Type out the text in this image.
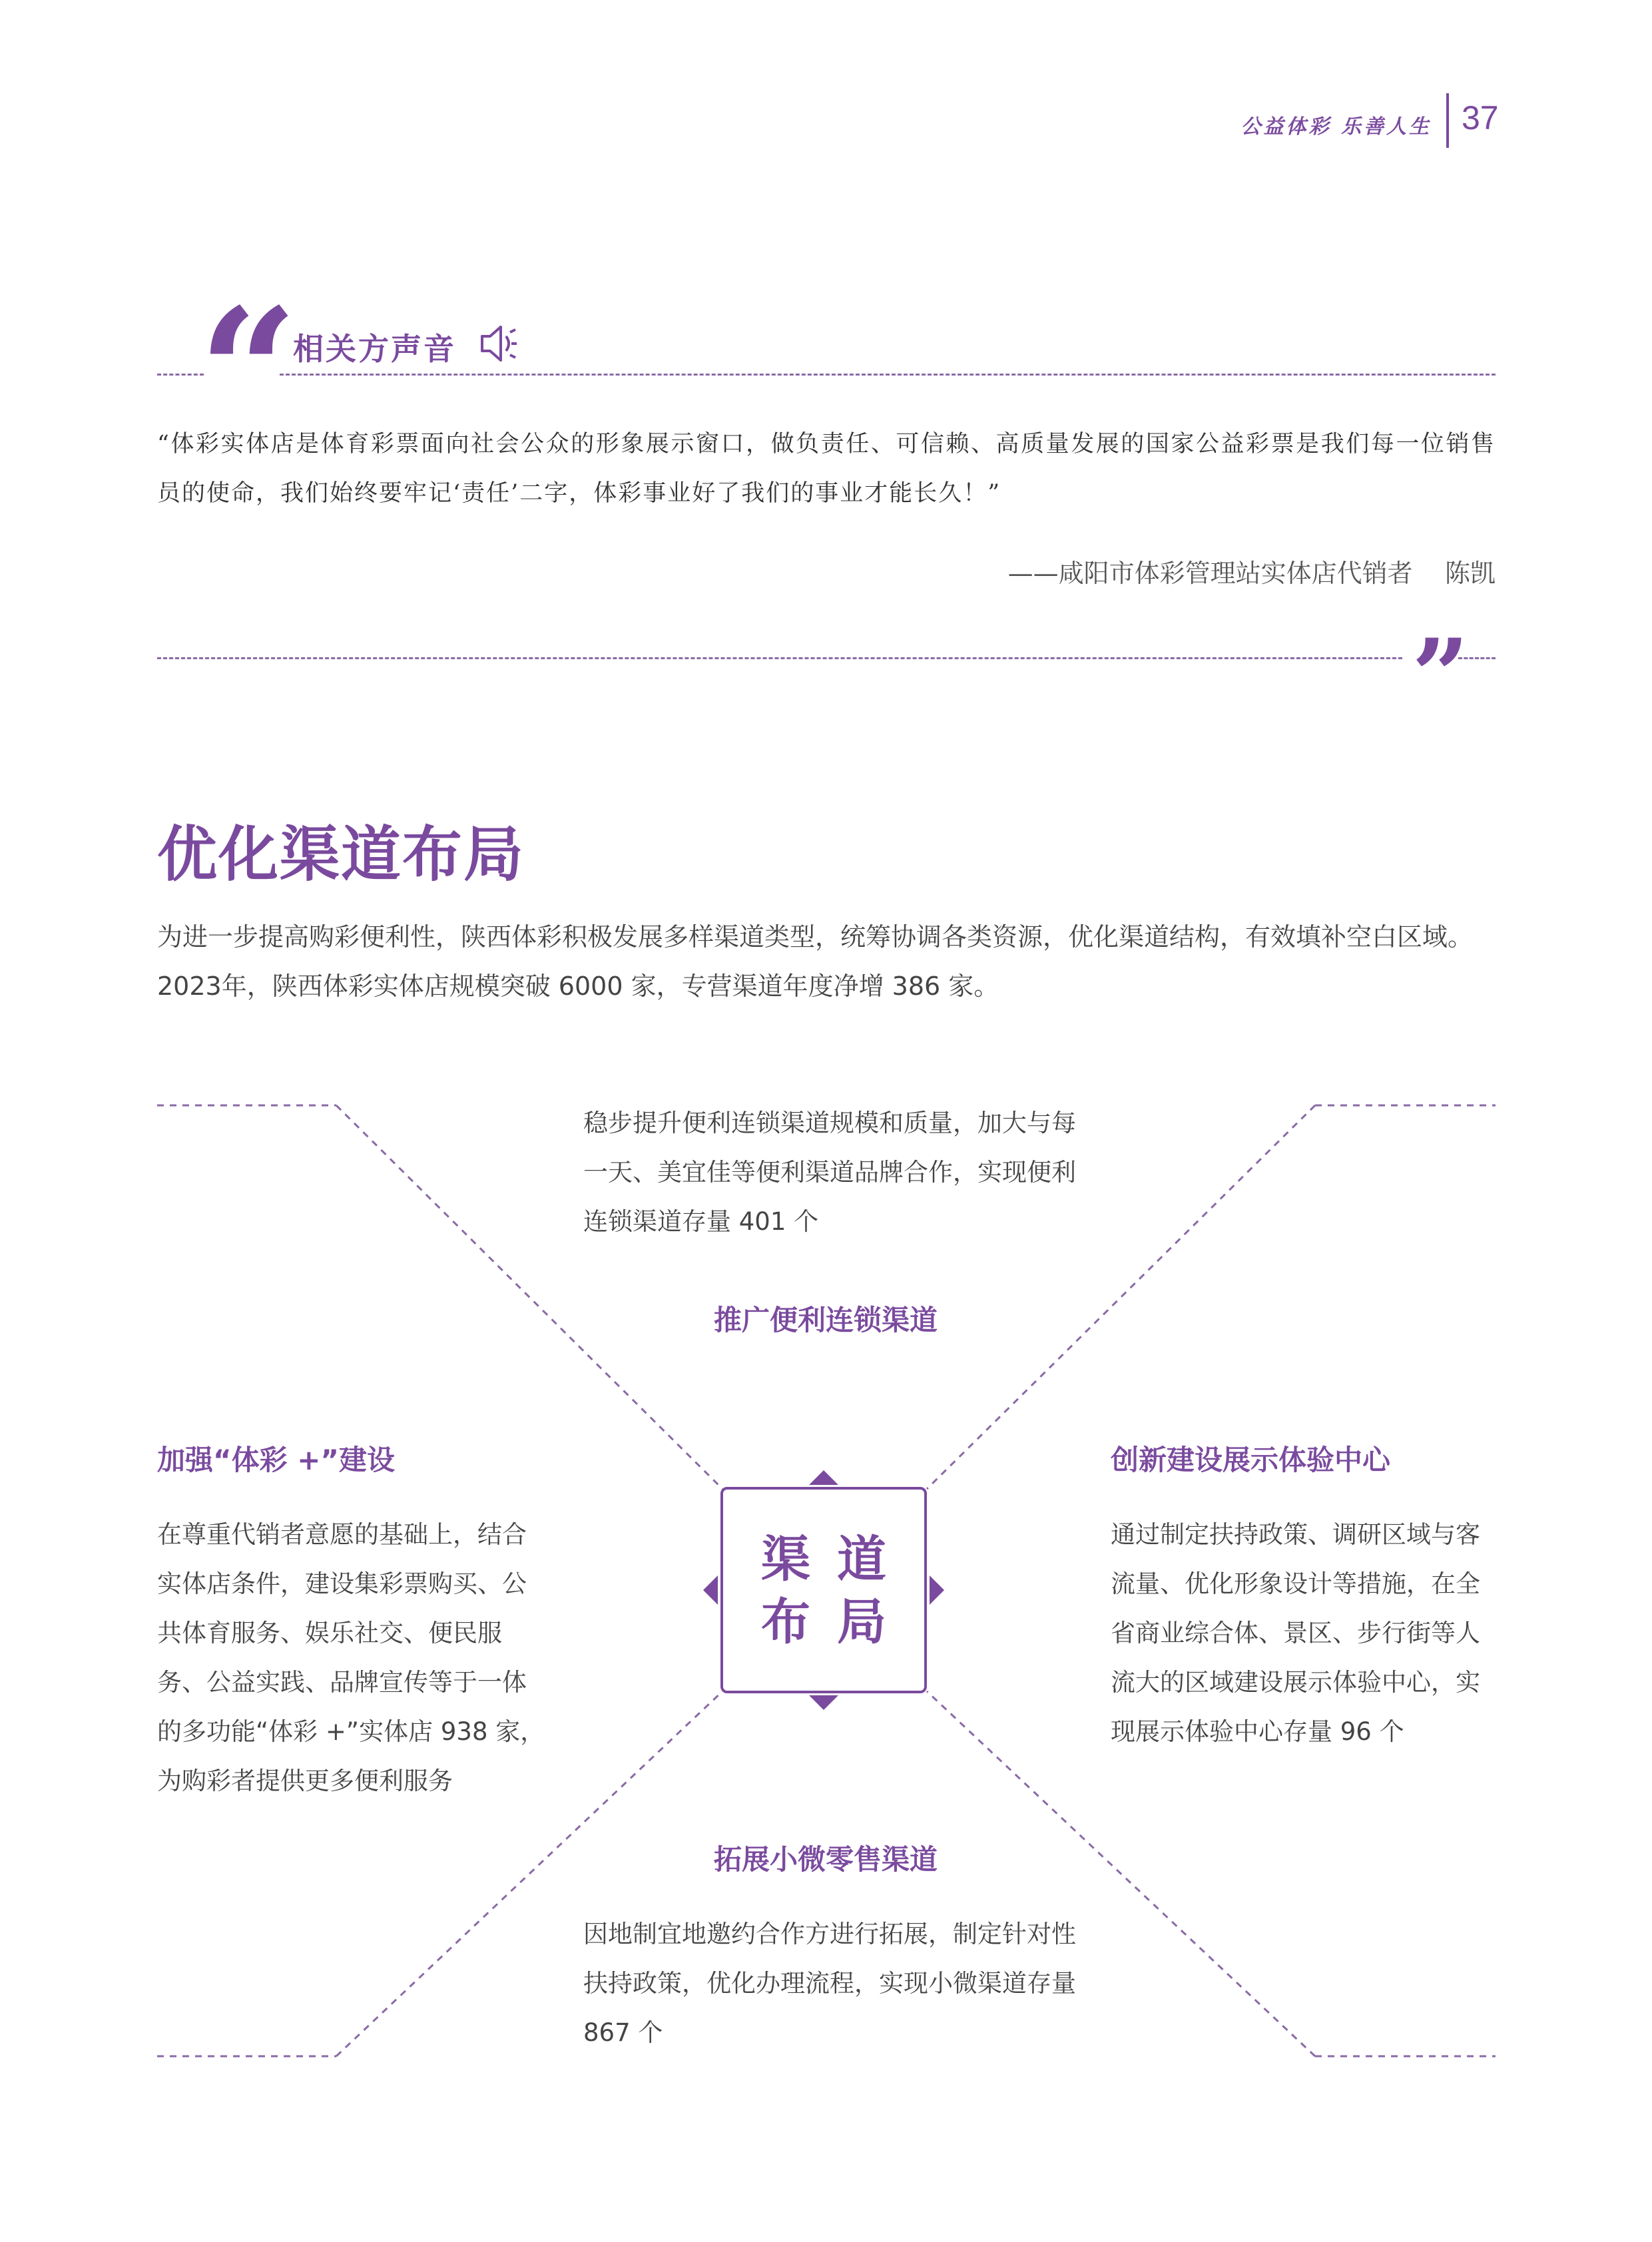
公益体彩 乐善人生 37
“
相关方声音
“体彩实体店是体育彩票面向社会公众的形象展示窗口，做负责任、可信赖、高质量发展的国家公益彩票是我们每一位销售员的使命，我们始终要牢记‘责任’二字，体彩事业好了我们的事业才能长久！”
——咸阳市体彩管理站实体店代销者    陈凯
”
优化渠道布局
为进一步提高购彩便利性，陕西体彩积极发展多样渠道类型，统筹协调各类资源，优化渠道结构，有效填补空白区域。2023年，陕西体彩实体店规模突破 6000 家，专营渠道年度净增 386 家。
渠道
布局
稳步提升便利连锁渠道规模和质量，加大与每一天、美宜佳等便利渠道品牌合作，实现便利连锁渠道存量 401 个
推广便利连锁渠道
加强“体彩 +”建设
在尊重代销者意愿的基础上，结合实体店条件，建设集彩票购买、公共体育服务、娱乐社交、便民服务、公益实践、品牌宣传等于一体的多功能“体彩 +”实体店 938 家，为购彩者提供更多便利服务
创新建设展示体验中心
通过制定扶持政策、调研区域与客流量、优化形象设计等措施，在全省商业综合体、景区、步行街等人流大的区域建设展示体验中心，实现展示体验中心存量 96 个
拓展小微零售渠道
因地制宜地邀约合作方进行拓展，制定针对性扶持政策，优化办理流程，实现小微渠道存量 867 个
